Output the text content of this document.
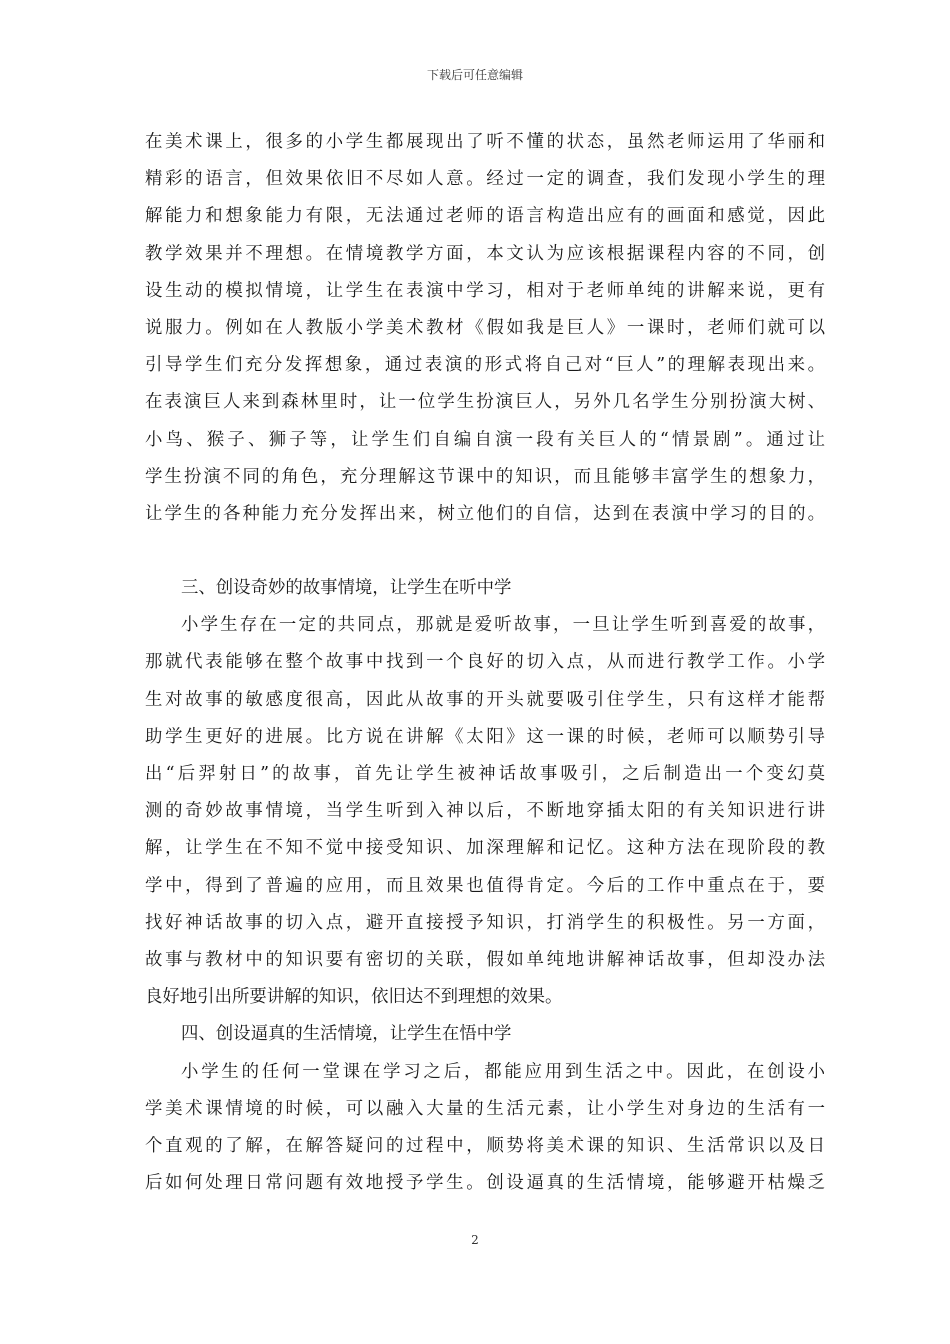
下载后可任意编辑
在美术课上，很多的小学生都展现出了听不懂的状态，虽然老师运用了华丽和
精彩的语言，但效果依旧不尽如人意。经过一定的调查，我们发现小学生的理
解能力和想象能力有限，无法通过老师的语言构造出应有的画面和感觉，因此
教学效果并不理想。在情境教学方面，本文认为应该根据课程内容的不同，创
设生动的模拟情境，让学生在表演中学习，相对于老师单纯的讲解来说，更有
说服力。例如在人教版小学美术教材《假如我是巨人》一课时，老师们就可以
引导学生们充分发挥想象，通过表演的形式将自己对“巨人”的理解表现出来。
在表演巨人来到森林里时，让一位学生扮演巨人，另外几名学生分别扮演大树、
小鸟、猴子、狮子等，让学生们自编自演一段有关巨人的“情景剧”。通过让
学生扮演不同的角色，充分理解这节课中的知识，而且能够丰富学生的想象力，
让学生的各种能力充分发挥出来，树立他们的自信，达到在表演中学习的目的。
三、创设奇妙的故事情境，让学生在听中学
小学生存在一定的共同点，那就是爱听故事，一旦让学生听到喜爱的故事，
那就代表能够在整个故事中找到一个良好的切入点，从而进行教学工作。小学
生对故事的敏感度很高，因此从故事的开头就要吸引住学生，只有这样才能帮
助学生更好的进展。比方说在讲解《太阳》这一课的时候，老师可以顺势引导
出“后羿射日”的故事，首先让学生被神话故事吸引，之后制造出一个变幻莫
测的奇妙故事情境，当学生听到入神以后，不断地穿插太阳的有关知识进行讲
解，让学生在不知不觉中接受知识、加深理解和记忆。这种方法在现阶段的教
学中，得到了普遍的应用，而且效果也值得肯定。今后的工作中重点在于，要
找好神话故事的切入点，避开直接授予知识，打消学生的积极性。另一方面，
故事与教材中的知识要有密切的关联，假如单纯地讲解神话故事，但却没办法
良好地引出所要讲解的知识，依旧达不到理想的效果。
四、创设逼真的生活情境，让学生在悟中学
小学生的任何一堂课在学习之后，都能应用到生活之中。因此，在创设小
学美术课情境的时候，可以融入大量的生活元素，让小学生对身边的生活有一
个直观的了解，在解答疑问的过程中，顺势将美术课的知识、生活常识以及日
后如何处理日常问题有效地授予学生。创设逼真的生活情境，能够避开枯燥乏
2
